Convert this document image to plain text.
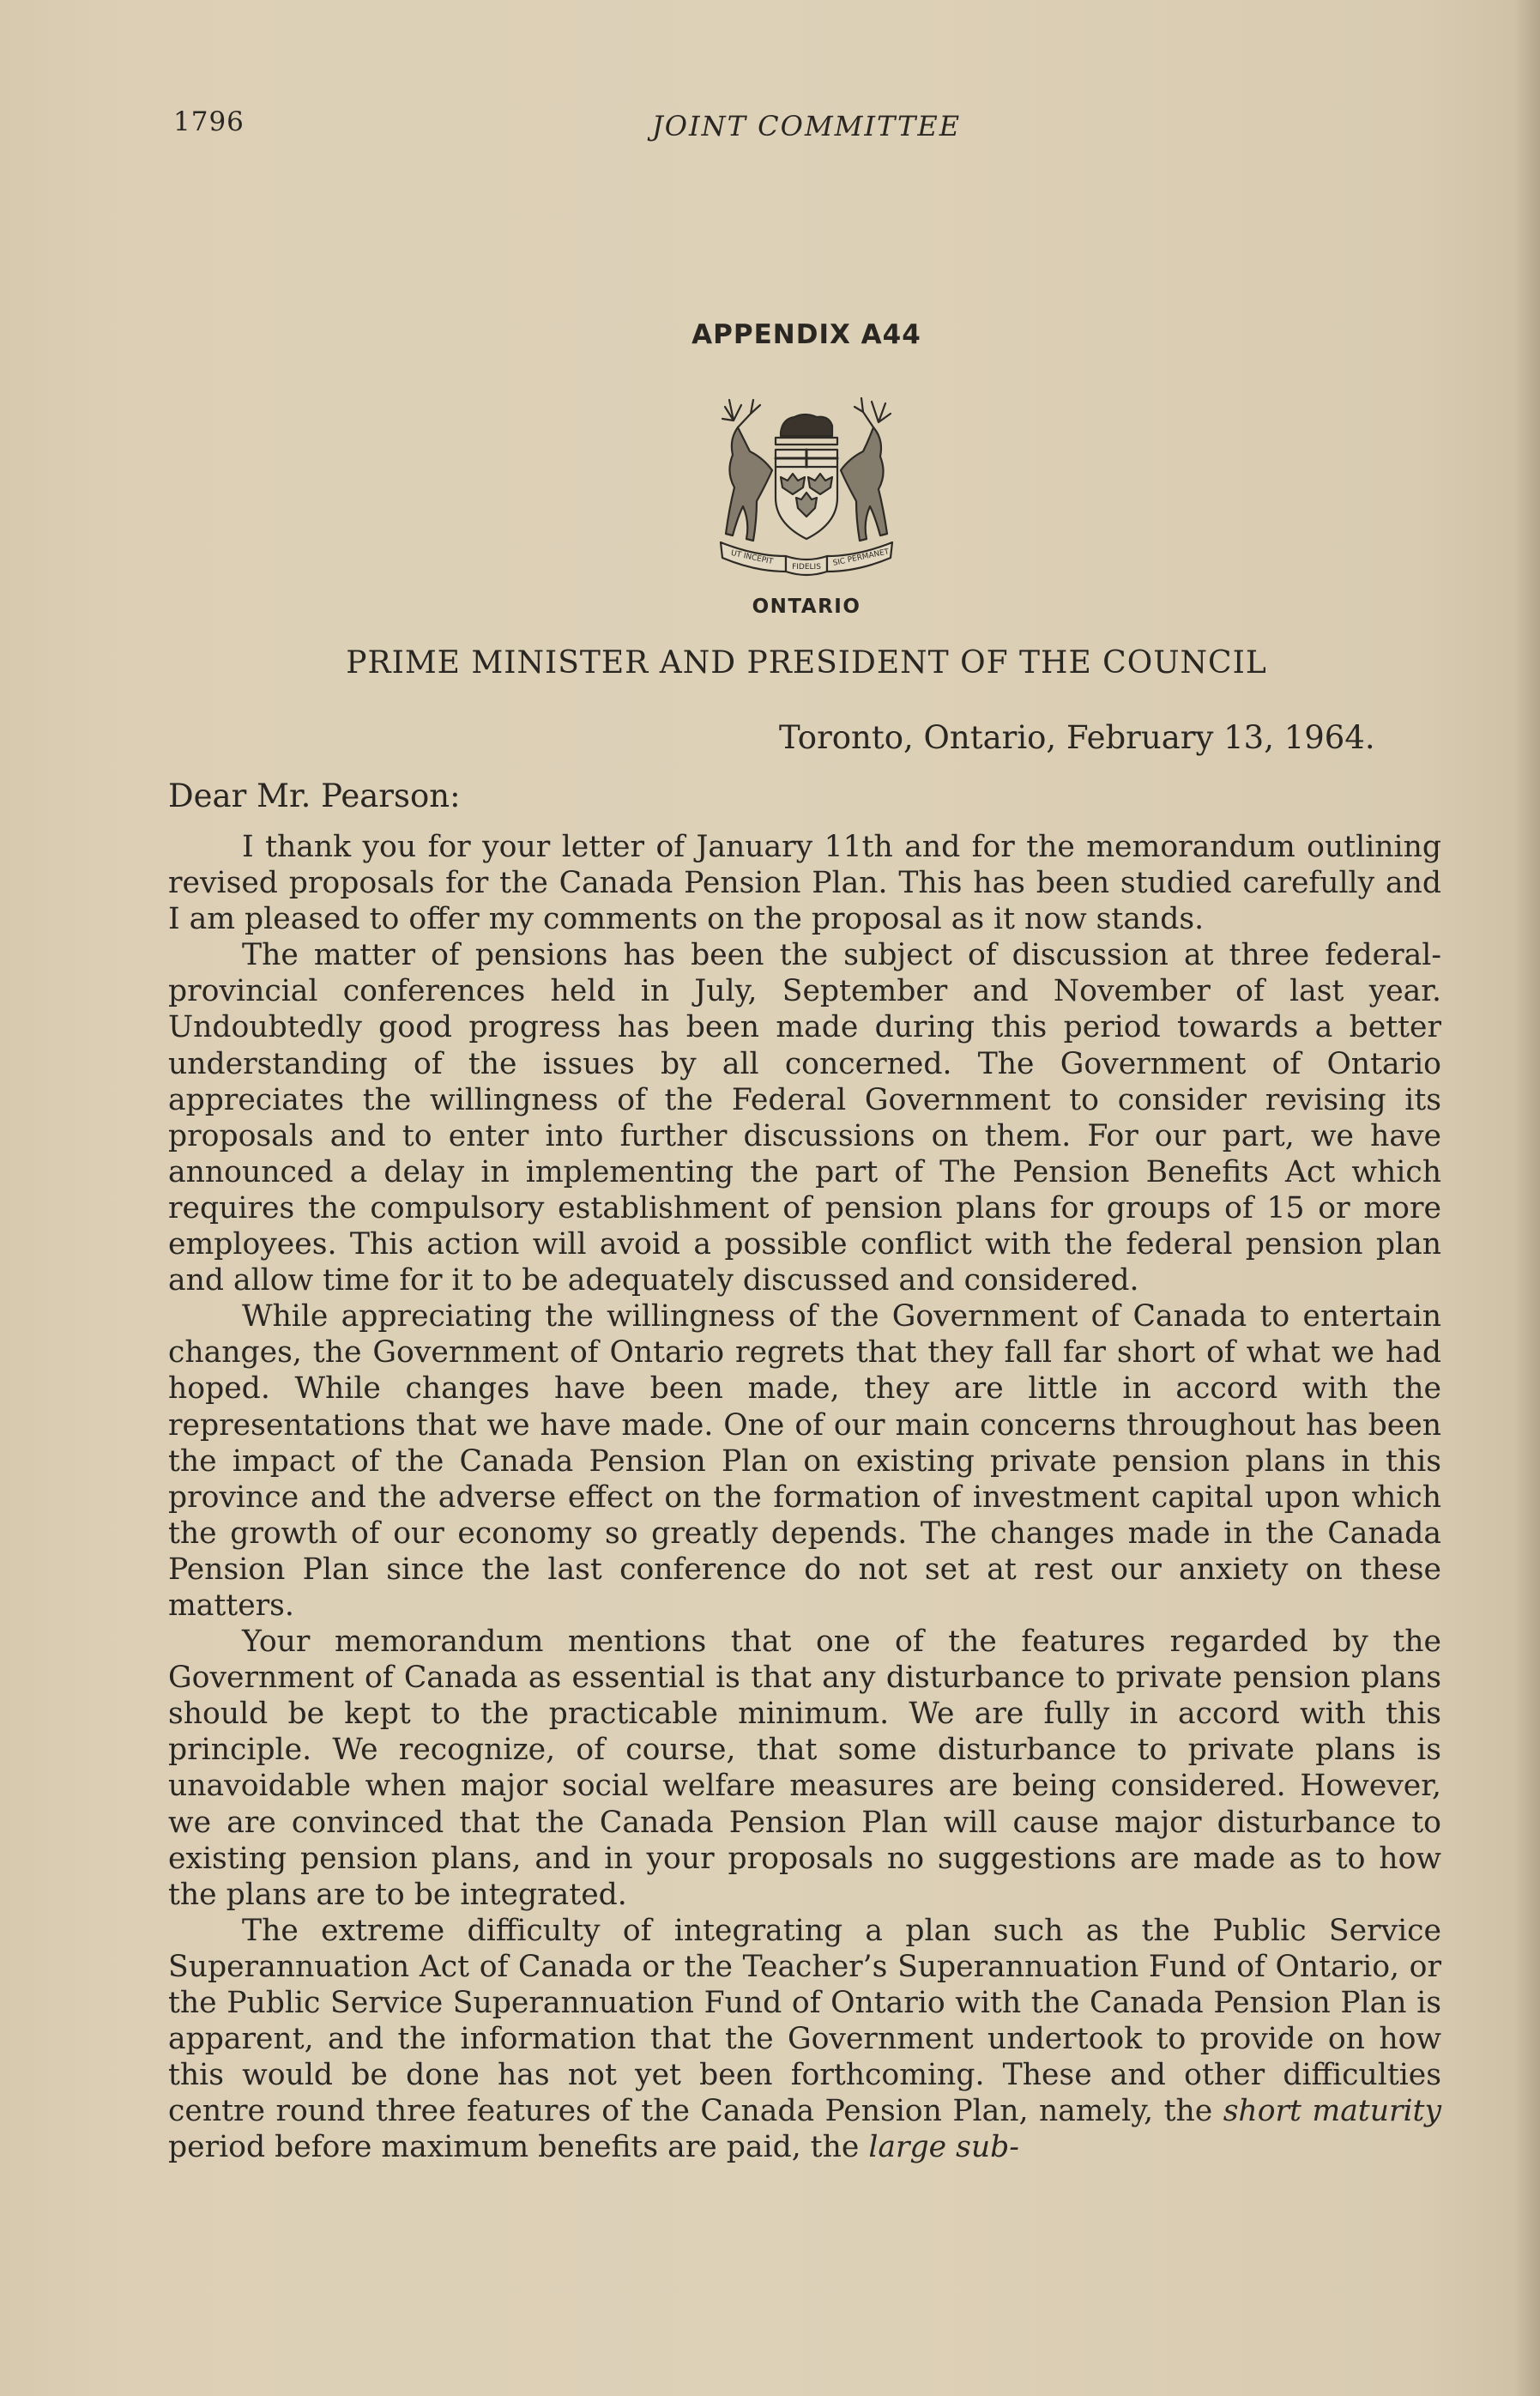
1796	JOINT COMMITTEE
APPENDIX A44
UT INCEPIT
FIDELIS SIC PERMANET
ONTARIO
PRIME MINISTER AND PRESIDENT OF THE COUNCIL
Toronto, Ontario, February 13, 1964.
Dear Mr. Pearson:

I thank you for your letter of January 11th and for the memorandum outlining revised proposals for the Canada Pension Plan. This has been studied carefully and I am pleased to offer my comments on the proposal as it now stands.

The matter of pensions has been the subject of discussion at three federal-provincial conferences held in July, September and November of last year. Undoubtedly good progress has been made during this period towards a better understanding of the issues by all concerned. The Government of Ontario appreciates the willingness of the Federal Government to consider revising its proposals and to enter into further discussions on them. For our part, we have announced a delay in implementing the part of The Pension Benefits Act which requires the compulsory establishment of pension plans for groups of 15 or more employees. This action will avoid a possible conflict with the federal pension plan and allow time for it to be adequately discussed and considered.

While appreciating the willingness of the Government of Canada to entertain changes, the Government of Ontario regrets that they fall far short of what we had hoped. While changes have been made, they are little in accord with the representations that we have made. One of our main concerns throughout has been the impact of the Canada Pension Plan on existing private pension plans in this province and the adverse effect on the formation of investment capital upon which the growth of our economy so greatly depends. The changes made in the Canada Pension Plan since the last conference do not set at rest our anxiety on these matters.

Your memorandum mentions that one of the features regarded by the Government of Canada as essential is that any disturbance to private pension plans should be kept to the practicable minimum. We are fully in accord with this principle. We recognize, of course, that some disturbance to private plans is unavoidable when major social welfare measures are being considered. However, we are convinced that the Canada Pension Plan will cause major disturbance to existing pension plans, and in your proposals no suggestions are made as to how the plans are to be integrated.

The extreme difficulty of integrating a plan such as the Public Service Superannuation Act of Canada or the Teacher’s Superannuation Fund of Ontario, or the Public Service Superannuation Fund of Ontario with the Canada Pension Plan is apparent, and the information that the Government undertook to provide on how this would be done has not yet been forthcoming. These and other difficulties centre round three features of the Canada Pension Plan, namely, the short maturity period before maximum benefits are paid, the large sub-
